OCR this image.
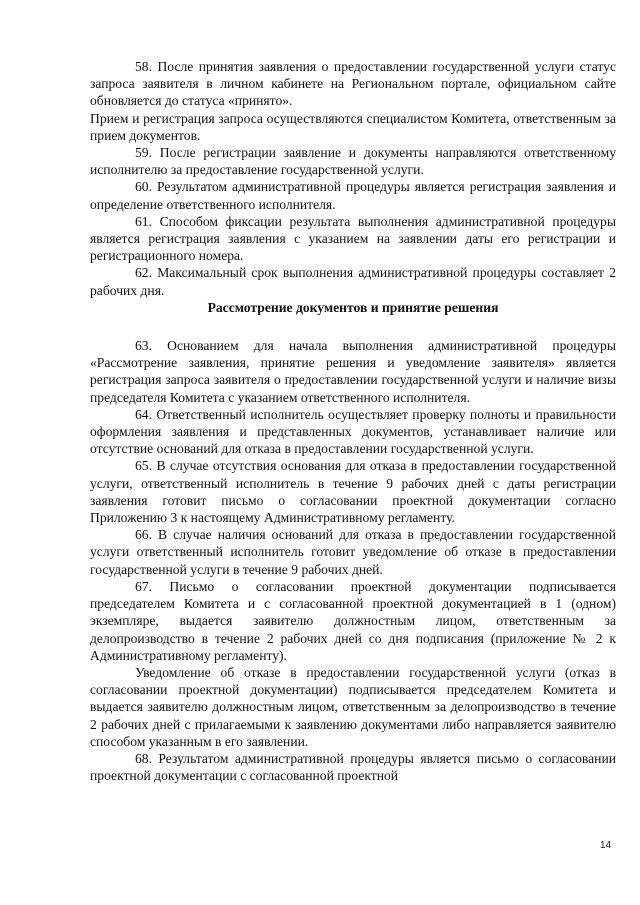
58. После принятия заявления о предоставлении государственной услуги статус запроса заявителя в личном кабинете на Региональном портале, официальном сайте обновляется до статуса «принято».

Прием и регистрация запроса осуществляются специалистом Комитета, ответственным за прием документов.

59. После регистрации заявление и документы направляются ответственному исполнителю за предоставление государственной услуги.

60. Результатом административной процедуры является регистрация заявления и определение ответственного исполнителя.

61. Способом фиксации результата выполнения административной процедуры является регистрация заявления с указанием на заявлении даты его регистрации и регистрационного номера.

62. Максимальный срок выполнения административной процедуры составляет 2 рабочих дня.

Рассмотрение документов и принятие решения

63. Основанием для начала выполнения административной процедуры «Рассмотрение заявления, принятие решения и уведомление заявителя» является регистрация запроса заявителя о предоставлении государственной услуги и наличие визы председателя Комитета с указанием ответственного исполнителя.

64. Ответственный исполнитель осуществляет проверку полноты и правильности оформления заявления и представленных документов, устанавливает наличие или отсутствие оснований для отказа в предоставлении государственной услуги.

65. В случае отсутствия основания для отказа в предоставлении государственной услуги, ответственный исполнитель в течение 9 рабочих дней с даты регистрации заявления готовит письмо о согласовании проектной документации согласно Приложению 3 к настоящему Административному регламенту.

66. В случае наличия оснований для отказа в предоставлении государственной услуги ответственный исполнитель готовит уведомление об отказе в предоставлении государственной услуги в течение 9 рабочих дней.

67. Письмо о согласовании проектной документации подписывается председателем Комитета и с согласованной проектной документацией в 1 (одном) экземпляре, выдается заявителю должностным лицом, ответственным за делопроизводство в течение 2 рабочих дней со дня подписания (приложение № 2 к Административному регламенту).

Уведомление об отказе в предоставлении государственной услуги (отказ в согласовании проектной документации) подписывается председателем Комитета и выдается заявителю должностным лицом, ответственным за делопроизводство в течение 2 рабочих дней с прилагаемыми к заявлению документами либо направляется заявителю способом указанным в его заявлении.

68. Результатом административной процедуры является письмо о согласовании проектной документации с согласованной проектной

14
